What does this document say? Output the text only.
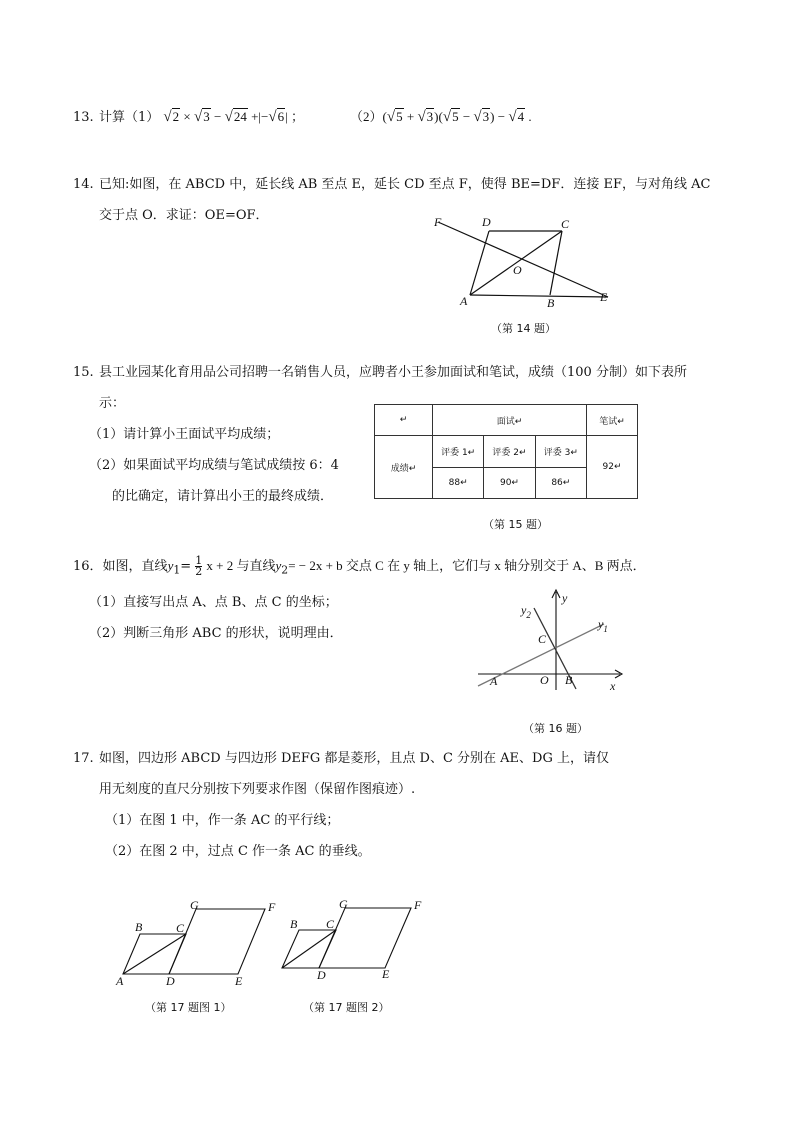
13. 计算（1） √2 × √3 − √24 +|−√6| ；	（2）(√5 + √3)(√5 − √3) − √4 .
14. 已知:如图，在 ABCD 中，延长线 AB 至点 E，延长 CD 至点 F，使得 BE=DF．连接 EF，与对角线 AC
交于点 O．求证：OE=OF．	F	D	C
O
A	B	E
（第 14 题）
15. 县工业园某化育用品公司招聘一名销售人员，应聘者小王参加面试和笔试，成绩（100 分制）如下表所
示：
（1）请计算小王面试平均成绩；
（2）如果面试平均成绩与笔试成绩按 6：4
的比确定，请计算出小王的最终成绩．
↵	面试↵			笔试↵
成绩↵	评委 1↵	评委 2↵	评委 3↵	92↵
	88↵	90↵	86↵	
（第 15 题）
16．如图，直线$y_1= \frac{1}{2}$ x + 2 与直线$y_2= - 2x + b$ 交点 C 在 y 轴上，它们与 x 轴分别交于 A、B 两点．
（1）直接写出点 A、点 B、点 C 的坐标；
（2）判断三角形 ABC 的形状，说明理由．
$y_2$
y
$y_1$
C
A	O B	x
（第 16 题）
17. 如图，四边形 ABCD 与四边形 DEFG 都是菱形，且点 D、C 分别在 AE、DG 上，请仅
用无刻度的直尺分别按下列要求作图（保留作图痕迹）.
（1）在图 1 中，作一条 AC 的平行线；
（2）在图 2 中，过点 C 作一条 AC 的垂线。
G	F
B	C
A	D	E
（第 17 题图 1）
G	F
B C
D	E
（第 17 题图 2）
